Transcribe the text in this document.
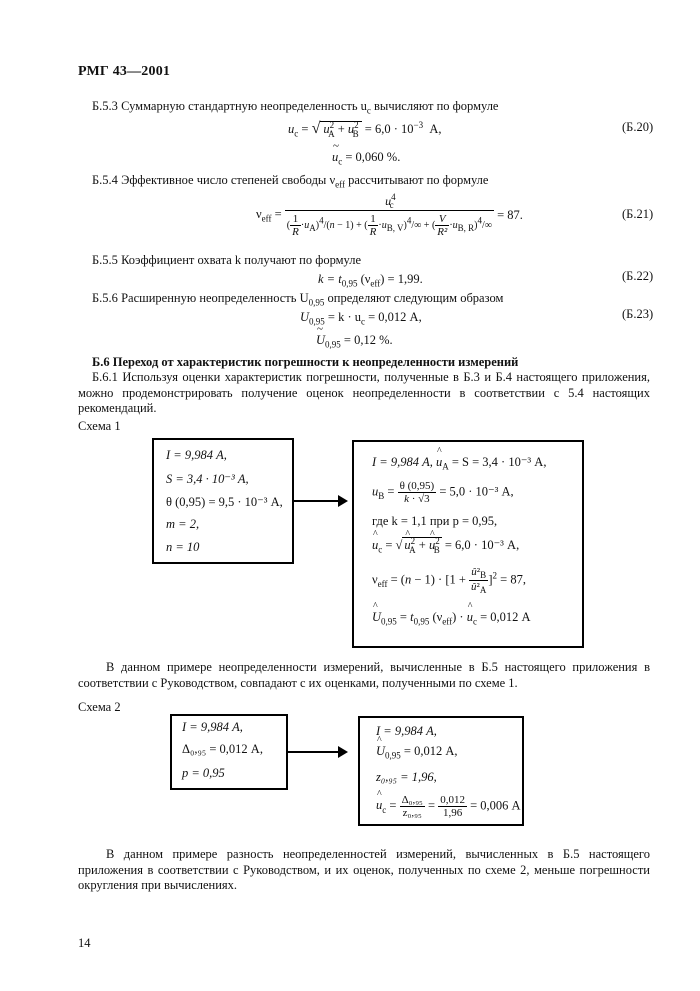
РМГ 43—2001
Б.5.3 Суммарную стандартную неопределенность $u_c$ вычисляют по формуле
$u_c$ = √ $u^2_A + u^2_B = 6,0 \cdot 10^{-3}$ А,	(Б.20)
~ $u_c = 0,060$ %.
Б.5.4 Эффективное число степеней свободы $\nu_{eff}$ рассчитывают по формуле
$\nu_{eff}$ =
$u^4_c$
( $\frac{1}{R} \cdot u_A)^4/(n - 1)$ + ( $\frac{1}{R} \cdot u_{B, V})^4/\infty$ + ( $\frac{V}{\text{R²}} \cdot u_{B, R})^4/\infty$
= 87.	(Б.21)
Б.5.5 Коэффициент охвата k получают по формуле
$k = t_{0,95}$ $(\nu_{eff}) = 1,99$.	(Б.22)
Б.5.6 Расширенную неопределенность $U_{0,95}$ определяют следующим образом
$U_{0,95} = k \cdot u_c = 0,012$ А,	(Б.23)
~ $U_{0,95} = 0,12$ %.
Б.6 Переход от характеристик погрешности к неопределенности измерений
Б.6.1 Используя оценки характеристик погрешности, полученные в Б.3 и Б.4 настоящего приложения, можно продемонстрировать получение оценок неопределенности в соответствии с 5.4 настоящих рекомендаций.
Схема 1
I = 9,984 А,
S = 3,4 · 10⁻³ А,
θ (0,95) = 9,5 · 10⁻³ А,
m = 2,
n = 10
I = 9,984 А, ^ $u_A = S = 3,4 \cdot 10^{-3}$ А,
$u_B = \frac{\theta (0,95)}{k \cdot √3} = 5,0 \cdot 10^{-3}$ А,
где k = 1,1 при p = 0,95,
^ $u_c$ = √ ^ $u^2_A$ + ^ $u^2_B = 6,0 \cdot 10^{-3}$ А,
$\nu_{eff} = (n - 1) \cdot [1 + \frac{û^2_B}{û^2_A} ]^2 = 87$,
^ $U_{0,95} = t_{0,95}$ $(\nu_{eff})$ · ^ $u_c = 0,012$ А
В данном примере неопределенности измерений, вычисленные в Б.5 настоящего приложения в соответствии с Руководством, совпадают с их оценками, полученными по схеме 1.
Схема 2
I = 9,984 А,
Δ₀,₉₅ = 0,012 А,
p = 0,95
I = 9,984 А,
^ $U_{0,95} = 0,012$ А,
z₀,₉₅ = 1,96,
^ $u_c = \frac{\text{Δ₀,₉₅}}{\text{z₀,₉₅}} = \frac{0,012}{1,96} = 0,006$ А
В данном примере разность неопределенностей измерений, вычисленных в Б.5 настоящего приложения в соответствии с Руководством, и их оценок, полученных по схеме 2, меньше погрешности округления при вычислениях.
14
